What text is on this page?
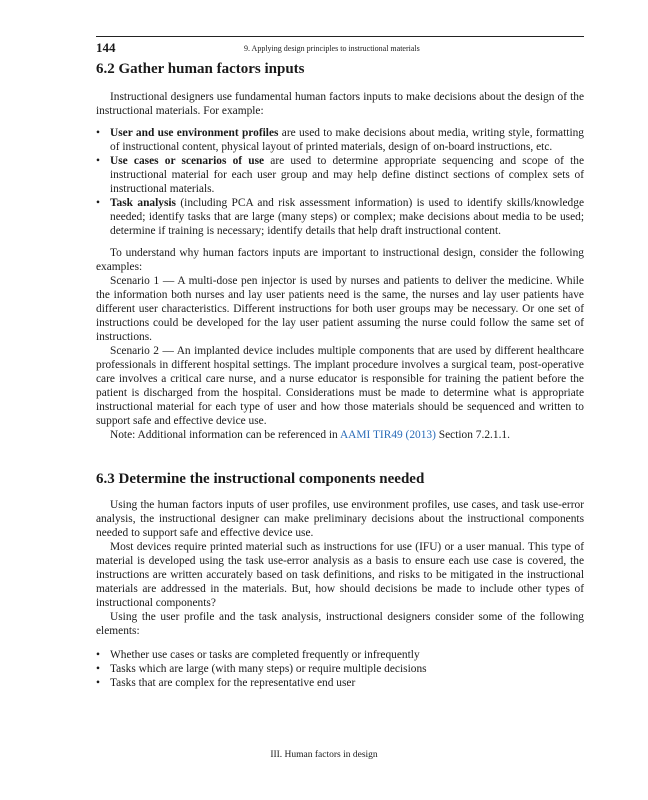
144	9. Applying design principles to instructional materials
6.2 Gather human factors inputs

Instructional designers use fundamental human factors inputs to make decisions about the design of the instructional materials. For example:

• User and use environment profiles are used to make decisions about media, writing style, formatting of instructional content, physical layout of printed materials, design of on-board instructions, etc.
• Use cases or scenarios of use are used to determine appropriate sequencing and scope of the instructional material for each user group and may help define distinct sections of complex sets of instructional materials.
• Task analysis (including PCA and risk assessment information) is used to identify skills/knowledge needed; identify tasks that are large (many steps) or complex; make decisions about media to be used; determine if training is necessary; identify details that help draft instructional content.

To understand why human factors inputs are important to instructional design, consider the following examples:

Scenario 1 — A multi-dose pen injector is used by nurses and patients to deliver the medicine. While the information both nurses and lay user patients need is the same, the nurses and lay user patients have different user characteristics. Different instructions for both user groups may be necessary. Or one set of instructions could be developed for the lay user patient assuming the nurse could follow the same set of instructions.

Scenario 2 — An implanted device includes multiple components that are used by different healthcare professionals in different hospital settings. The implant procedure involves a surgical team, post-operative care involves a critical care nurse, and a nurse educator is responsible for training the patient before the patient is discharged from the hospital. Considerations must be made to determine what is appropriate instructional material for each type of user and how those materials should be sequenced and written to support safe and effective device use.

Note: Additional information can be referenced in AAMI TIR49 (2013) Section 7.2.1.1.

6.3 Determine the instructional components needed

Using the human factors inputs of user profiles, use environment profiles, use cases, and task use-error analysis, the instructional designer can make preliminary decisions about the instructional components needed to support safe and effective device use.

Most devices require printed material such as instructions for use (IFU) or a user manual. This type of material is developed using the task use-error analysis as a basis to ensure each use case is covered, the instructions are written accurately based on task definitions, and risks to be mitigated in the instructional materials are addressed in the materials. But, how should decisions be made to include other types of instructional components?

Using the user profile and the task analysis, instructional designers consider some of the following elements:

• Whether use cases or tasks are completed frequently or infrequently
• Tasks which are large (with many steps) or require multiple decisions
• Tasks that are complex for the representative end user
III. Human factors in design
